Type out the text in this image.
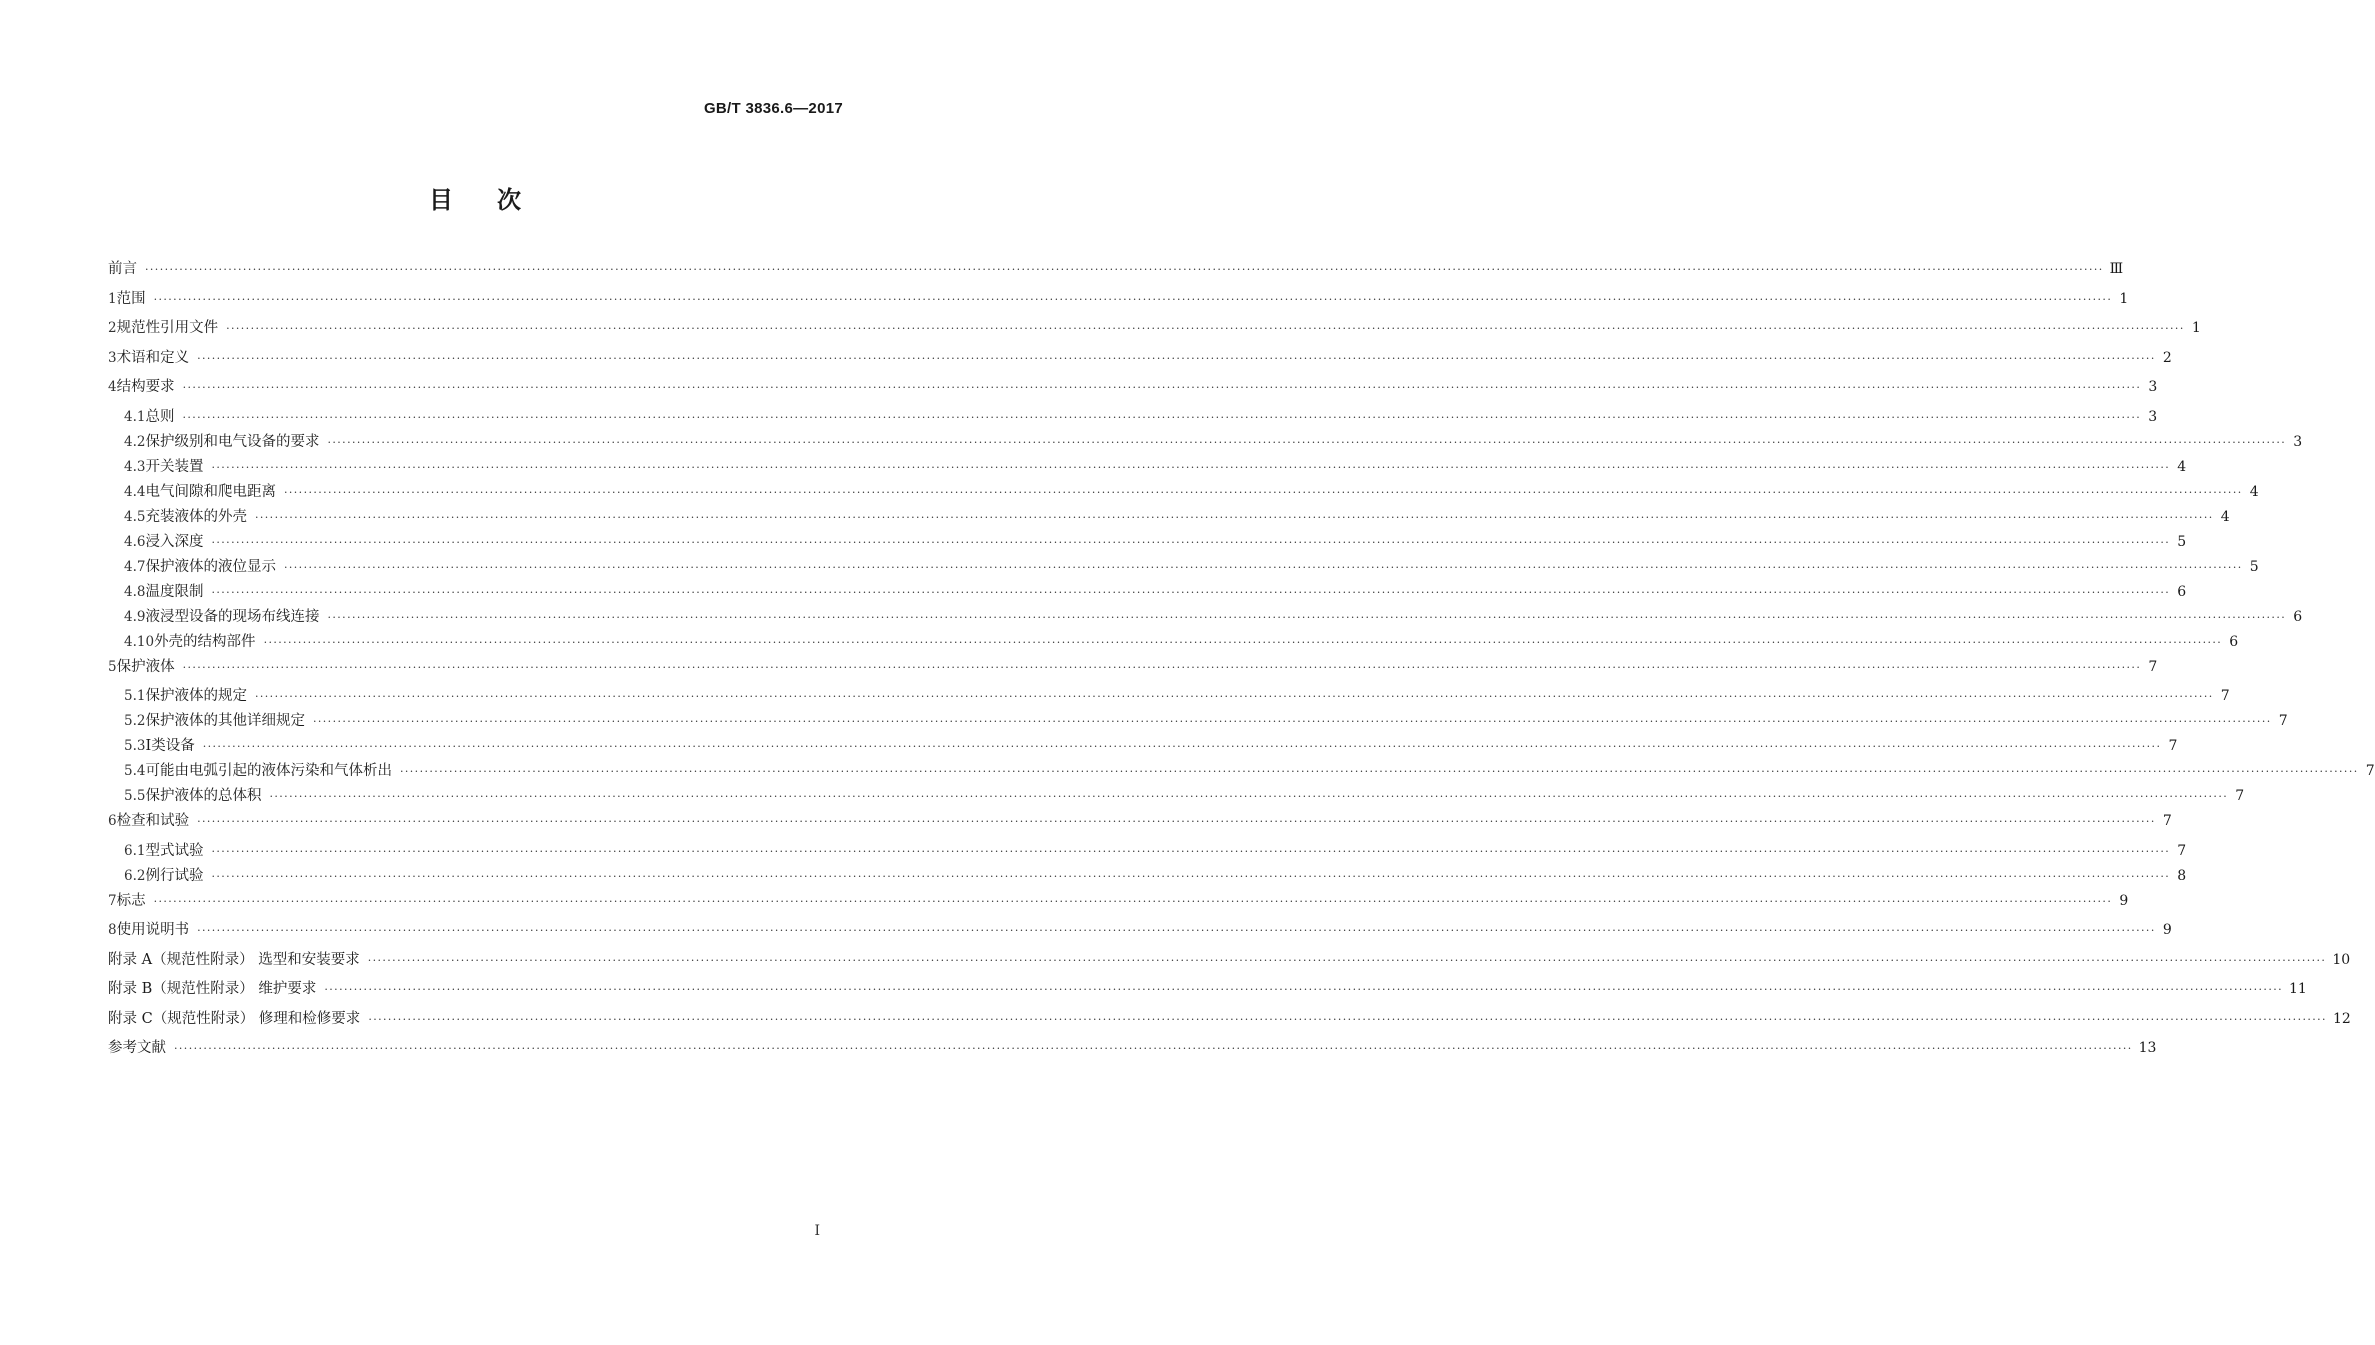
GB/T 3836.6—2017
目次
前言 ················································································································································································································································································································································································································ Ⅲ
1 范围 ················································································································································································································································································································································································································ 1
2 规范性引用文件 ················································································································································································································································································································································································································ 1
3 术语和定义 ················································································································································································································································································································································································································ 2
4 结构要求 ················································································································································································································································································································································································································ 3
4.1 总则 ················································································································································································································································································································································································································ 3
4.2 保护级别和电气设备的要求 ················································································································································································································································································································································································································ 3
4.3 开关装置 ················································································································································································································································································································································································································ 4
4.4 电气间隙和爬电距离 ················································································································································································································································································································································································································ 4
4.5 充装液体的外壳 ················································································································································································································································································································································································································ 4
4.6 浸入深度 ················································································································································································································································································································································································································ 5
4.7 保护液体的液位显示 ················································································································································································································································································································································································································ 5
4.8 温度限制 ················································································································································································································································································································································································································ 6
4.9 液浸型设备的现场布线连接 ················································································································································································································································································································································································································ 6
4.10 外壳的结构部件 ················································································································································································································································································································································································································ 6
5 保护液体 ················································································································································································································································································································································································································ 7
5.1 保护液体的规定 ················································································································································································································································································································································································································ 7
5.2 保护液体的其他详细规定 ················································································································································································································································································································································································································ 7
5.3 Ⅰ类设备 ················································································································································································································································································································································································································ 7
5.4 可能由电弧引起的液体污染和气体析出 ················································································································································································································································································································································································································ 7
5.5 保护液体的总体积 ················································································································································································································································································································································································································ 7
6 检查和试验 ················································································································································································································································································································································································································ 7
6.1 型式试验 ················································································································································································································································································································································································································ 7
6.2 例行试验 ················································································································································································································································································································································································································ 8
7 标志 ················································································································································································································································································································································································································ 9
8 使用说明书 ················································································································································································································································································································································································································ 9
附录 A（规范性附录） 选型和安装要求 ················································································································································································································································································································································································································ 10
附录 B（规范性附录） 维护要求 ················································································································································································································································································································································································································ 11
附录 C（规范性附录） 修理和检修要求 ················································································································································································································································································································································································································ 12
参考文献 ················································································································································································································································································································································································································ 13
Ⅰ
